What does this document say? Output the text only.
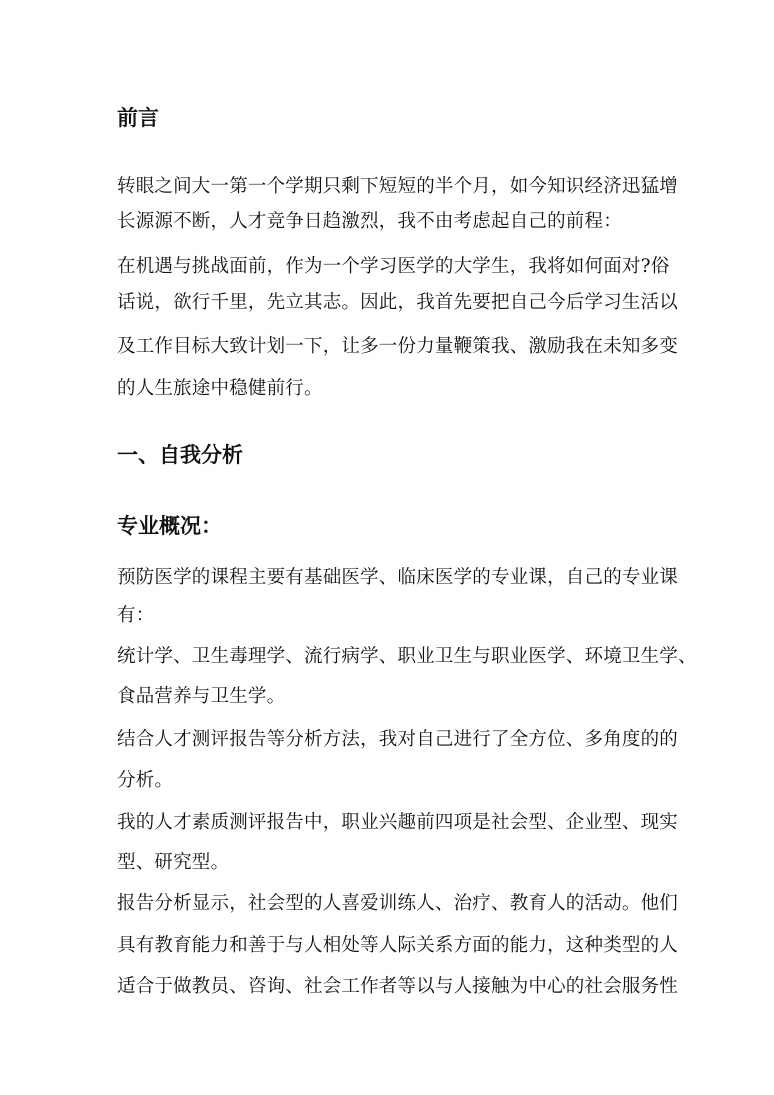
前言

转眼之间大一第一个学期只剩下短短的半个月，如今知识经济迅猛增

长源源不断，人才竞争日趋激烈，我不由考虑起自己的前程：

在机遇与挑战面前，作为一个学习医学的大学生，我将如何面对?俗

话说，欲行千里，先立其志。因此，我首先要把自己今后学习生活以

及工作目标大致计划一下，让多一份力量鞭策我、激励我在未知多变

的人生旅途中稳健前行。

一、自我分析
专业概况：

预防医学的课程主要有基础医学、临床医学的专业课，自己的专业课

有：

统计学、卫生毒理学、流行病学、职业卫生与职业医学、环境卫生学、

食品营养与卫生学。

结合人才测评报告等分析方法，我对自己进行了全方位、多角度的的

分析。

我的人才素质测评报告中，职业兴趣前四项是社会型、企业型、现实

型、研究型。

报告分析显示，社会型的人喜爱训练人、治疗、教育人的活动。他们

具有教育能力和善于与人相处等人际关系方面的能力，这种类型的人

适合于做教员、咨询、社会工作者等以与人接触为中心的社会服务性
